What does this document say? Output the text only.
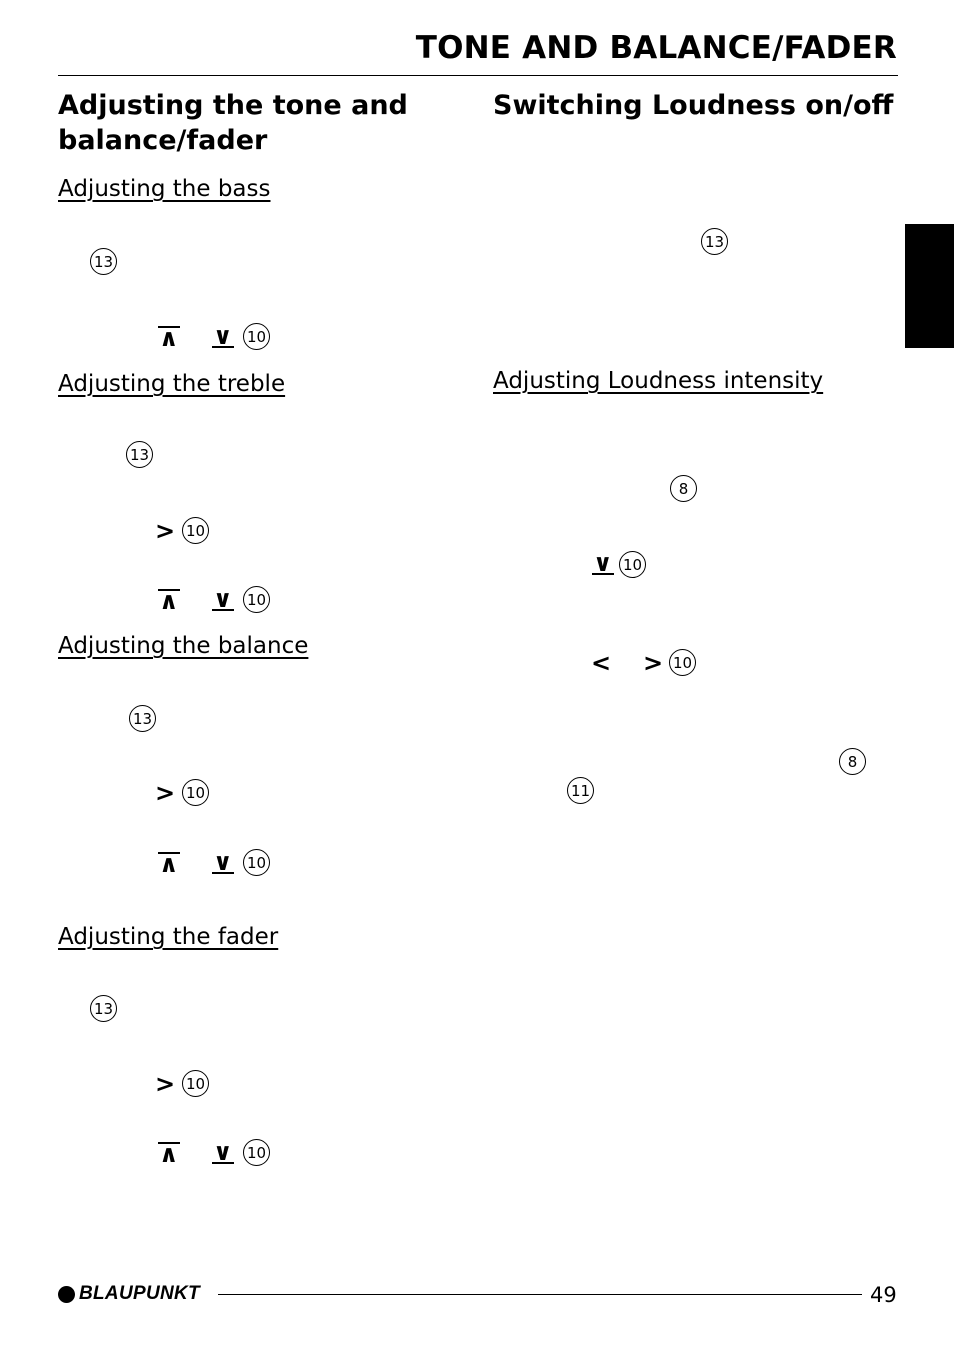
TONE AND BALANCE/FADER
Adjusting the tone and
balance/fader
Adjusting the bass
13
∧ ∨ 10
Adjusting the treble
13
> 10
∧ ∨ 10
Adjusting the balance
13
> 10
∧ ∨ 10
Adjusting the fader
13
> 10
∧ ∨ 10
Switching Loudness on/off
13
Adjusting Loudness intensity
8
∨ 10
< > 10
8
11
BLAUPUNKT	49
